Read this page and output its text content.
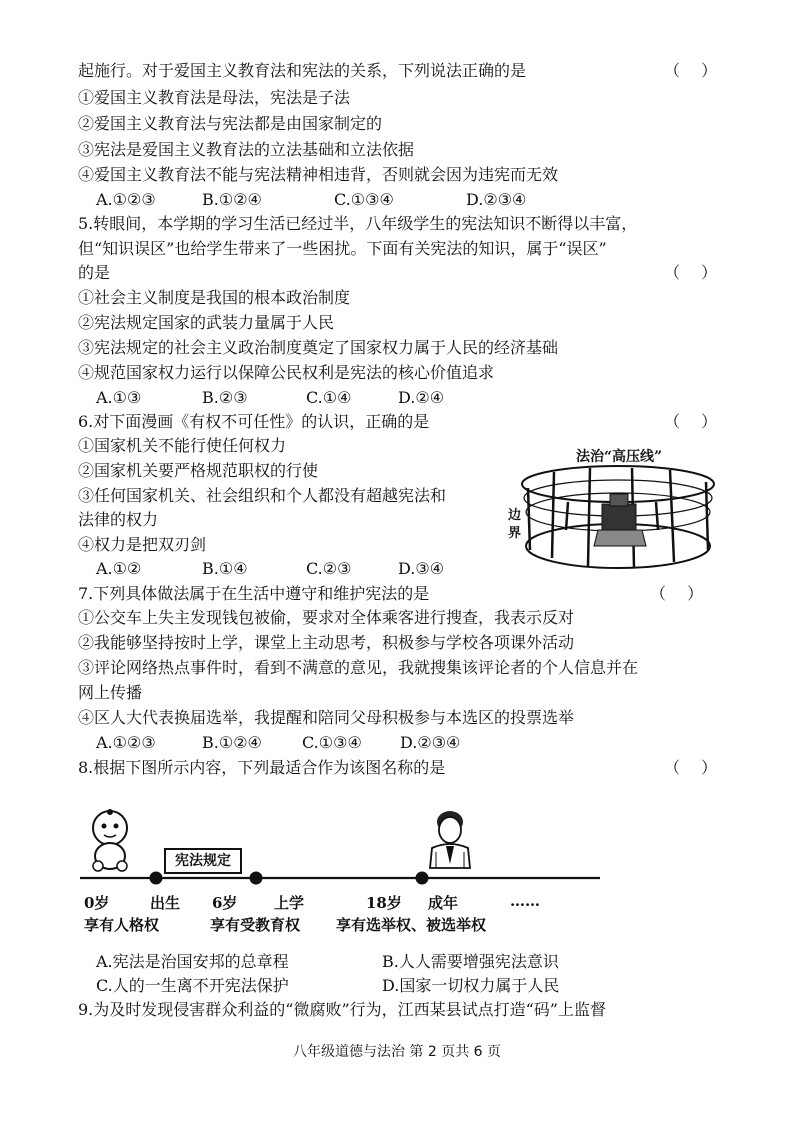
起施行。对于爱国主义教育法和宪法的关系，下列说法正确的是	（　 ）
①爱国主义教育法是母法，宪法是子法
②爱国主义教育法与宪法都是由国家制定的
③宪法是爱国主义教育法的立法基础和立法依据
④爱国主义教育法不能与宪法精神相违背，否则就会因为违宪而无效
A.①②③	B.①②④	C.①③④	D.②③④
5.转眼间，本学期的学习生活已经过半，八年级学生的宪法知识不断得以丰富，
但“知识误区”也给学生带来了一些困扰。下面有关宪法的知识，属于“误区”
的是	（　 ）
①社会主义制度是我国的根本政治制度
②宪法规定国家的武装力量属于人民
③宪法规定的社会主义政治制度奠定了国家权力属于人民的经济基础
④规范国家权力运行以保障公民权利是宪法的核心价值追求
A.①③	B.②③	C.①④	D.②④
6.对下面漫画《有权不可任性》的认识，正确的是	（　 ）
①国家机关不能行使任何权力
②国家机关要严格规范职权的行使
③任何国家机关、社会组织和个人都没有超越宪法和
法律的权力
④权力是把双刃剑
A.①②	B.①④	C.②③	D.③④
法治“高压线”
边
界
7.下列具体做法属于在生活中遵守和维护宪法的是	（　 ）
①公交车上失主发现钱包被偷，要求对全体乘客进行搜查，我表示反对
②我能够坚持按时上学，课堂上主动思考，积极参与学校各项课外活动
③评论网络热点事件时，看到不满意的意见，我就搜集该评论者的个人信息并在
网上传播
④区人大代表换届选举，我提醒和陪同父母积极参与本选区的投票选举
A.①②③	B.①②④	C.①③④ D.②③④
8.根据下图所示内容，下列最适合作为该图名称的是	（　 ）
宪法规定
0岁	出生 6岁 上学	18岁 成年	……
享有人格权	享有受教育权 享有选举权、被选举权
A.宪法是治国安邦的总章程	B.人人需要增强宪法意识
C.人的一生离不开宪法保护	D.国家一切权力属于人民
9.为及时发现侵害群众利益的“微腐败”行为，江西某县试点打造“码”上监督
八年级道德与法治 第 2 页共 6 页
